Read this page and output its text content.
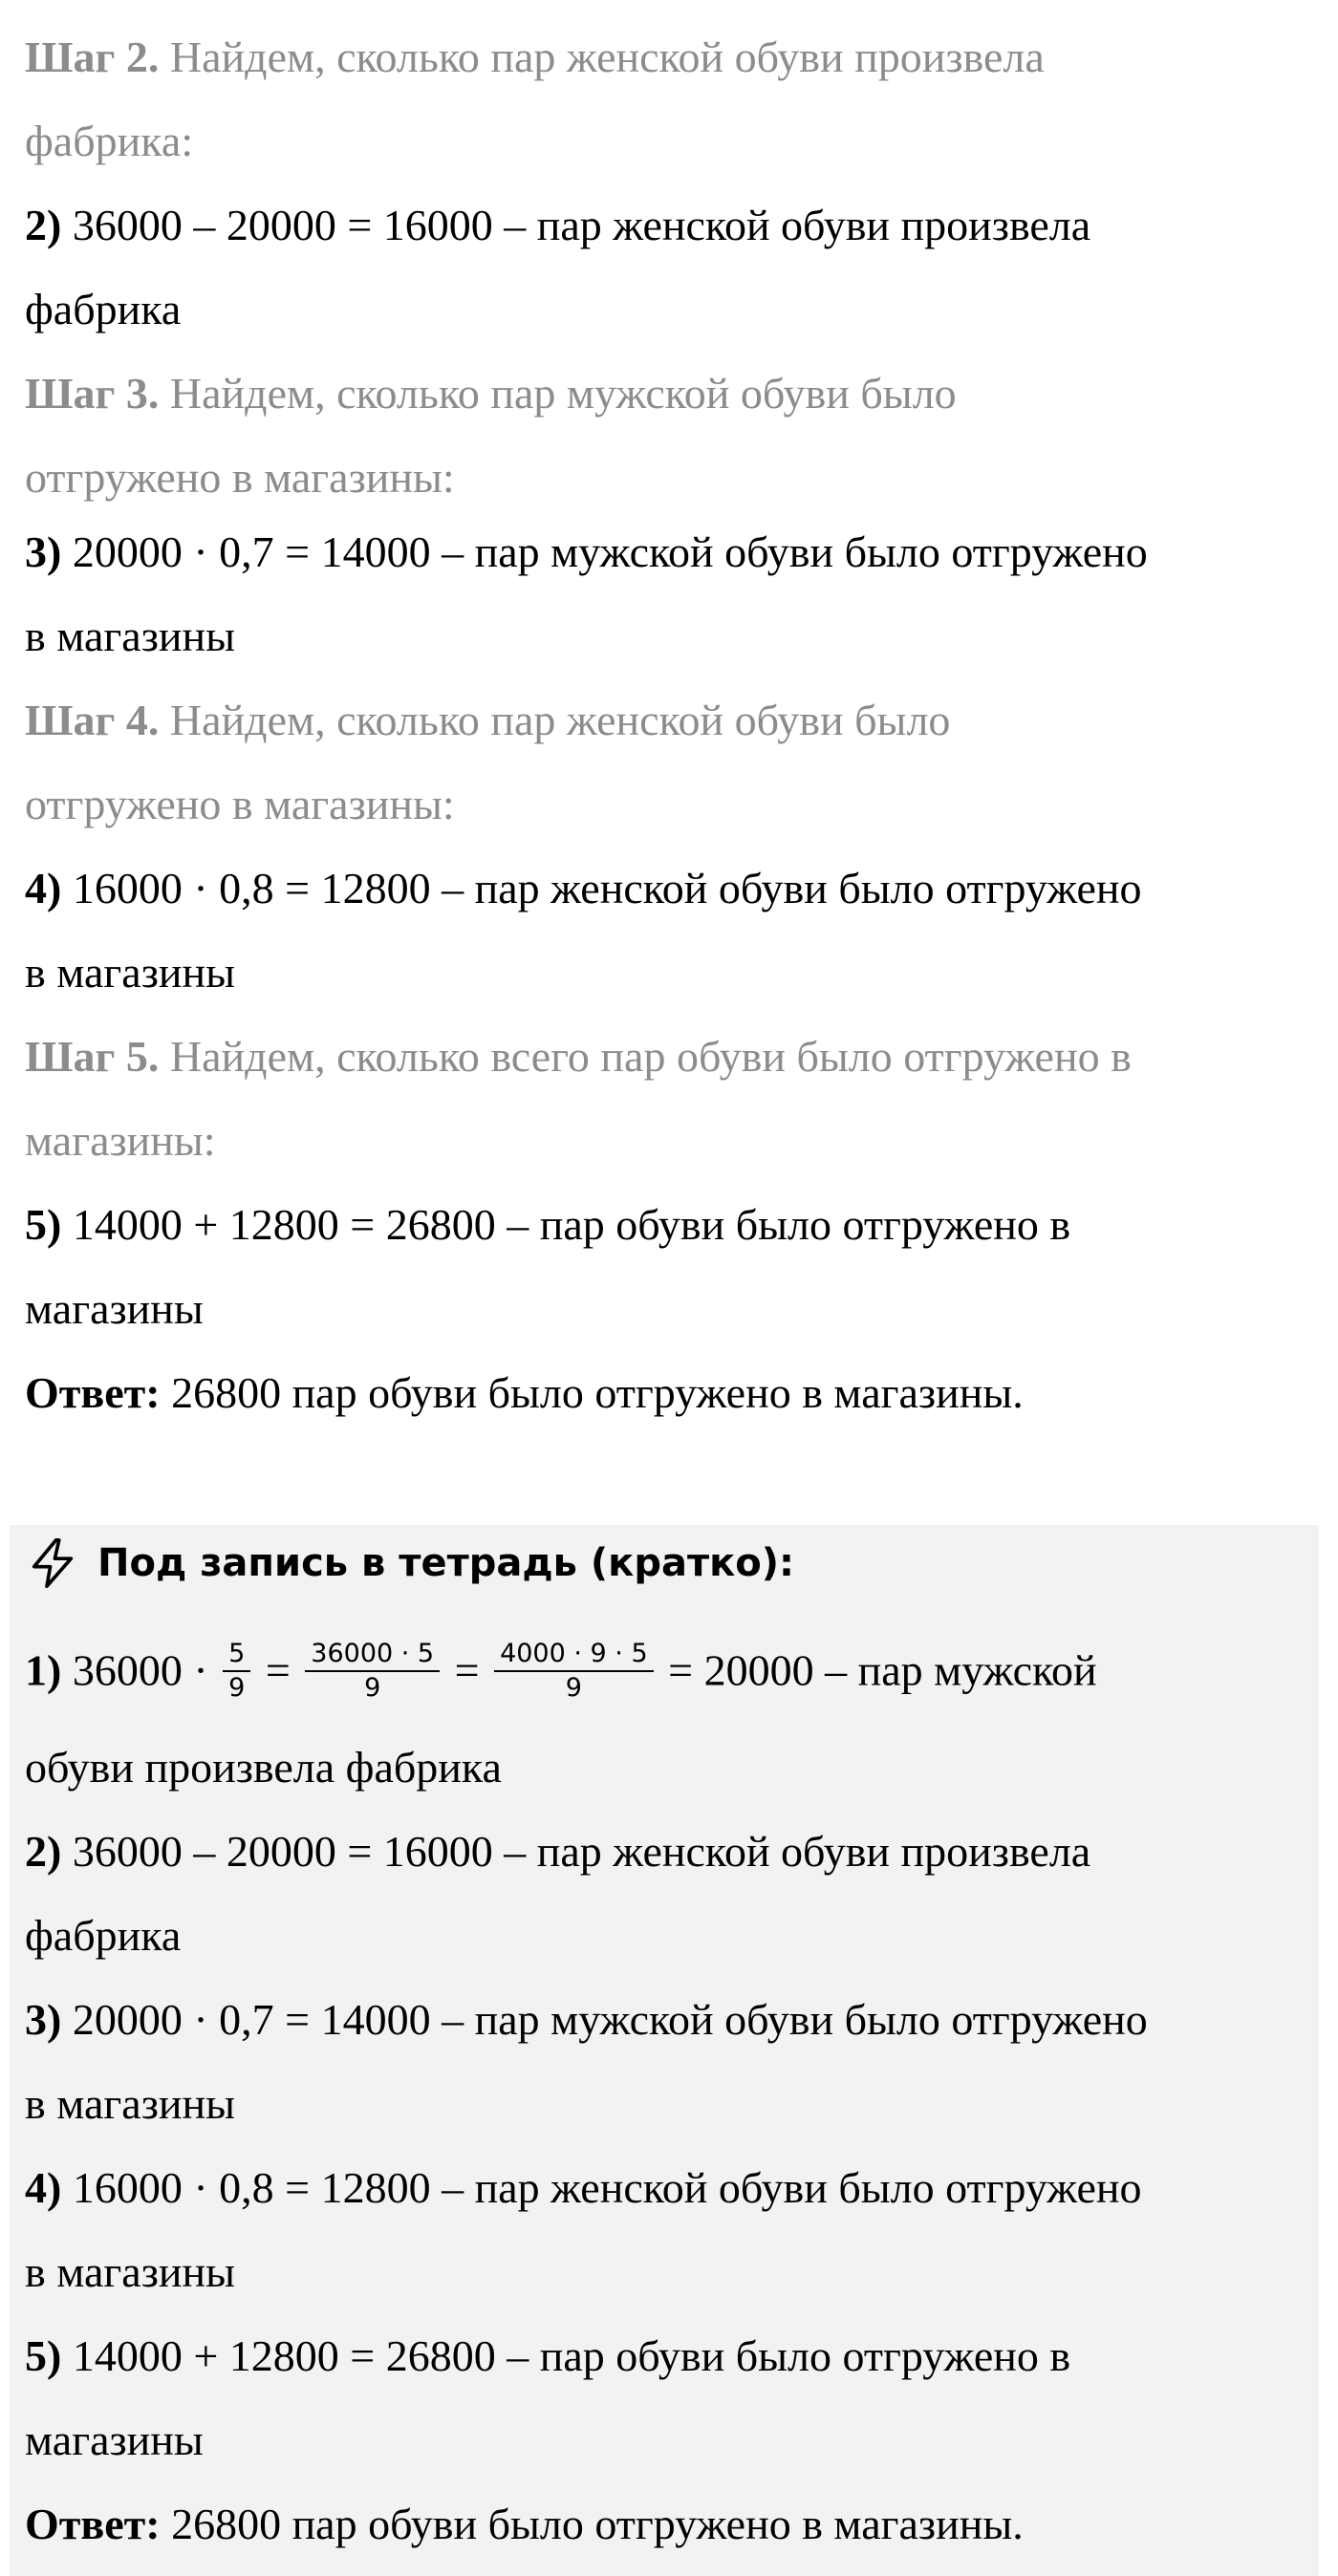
Шаг 2. Найдем, сколько пар женской обуви произвела
фабрика:
2) 36000 – 20000 = 16000 – пар женской обуви произвела
фабрика
Шаг 3. Найдем, сколько пар мужской обуви было
отгружено в магазины:
3) 20000 · 0,7 = 14000 – пар мужской обуви было отгружено
в магазины
Шаг 4. Найдем, сколько пар женской обуви было
отгружено в магазины:
4) 16000 · 0,8 = 12800 – пар женской обуви было отгружено
в магазины
Шаг 5. Найдем, сколько всего пар обуви было отгружено в
магазины:
5) 14000 + 12800 = 26800 – пар обуви было отгружено в
магазины
Ответ: 26800 пар обуви было отгружено в магазины.
Под запись в тетрадь (кратко):
1) $36000 \cdot \frac{5}{9} = \frac{36000 \cdot 5}{9} = \frac{4000 \cdot 9 \cdot 5}{9} = 20000$ – пар мужской
обуви произвела фабрика
2) 36000 – 20000 = 16000 – пар женской обуви произвела
фабрика
3) 20000 · 0,7 = 14000 – пар мужской обуви было отгружено
в магазины
4) 16000 · 0,8 = 12800 – пар женской обуви было отгружено
в магазины
5) 14000 + 12800 = 26800 – пар обуви было отгружено в
магазины
Ответ: 26800 пар обуви было отгружено в магазины.
